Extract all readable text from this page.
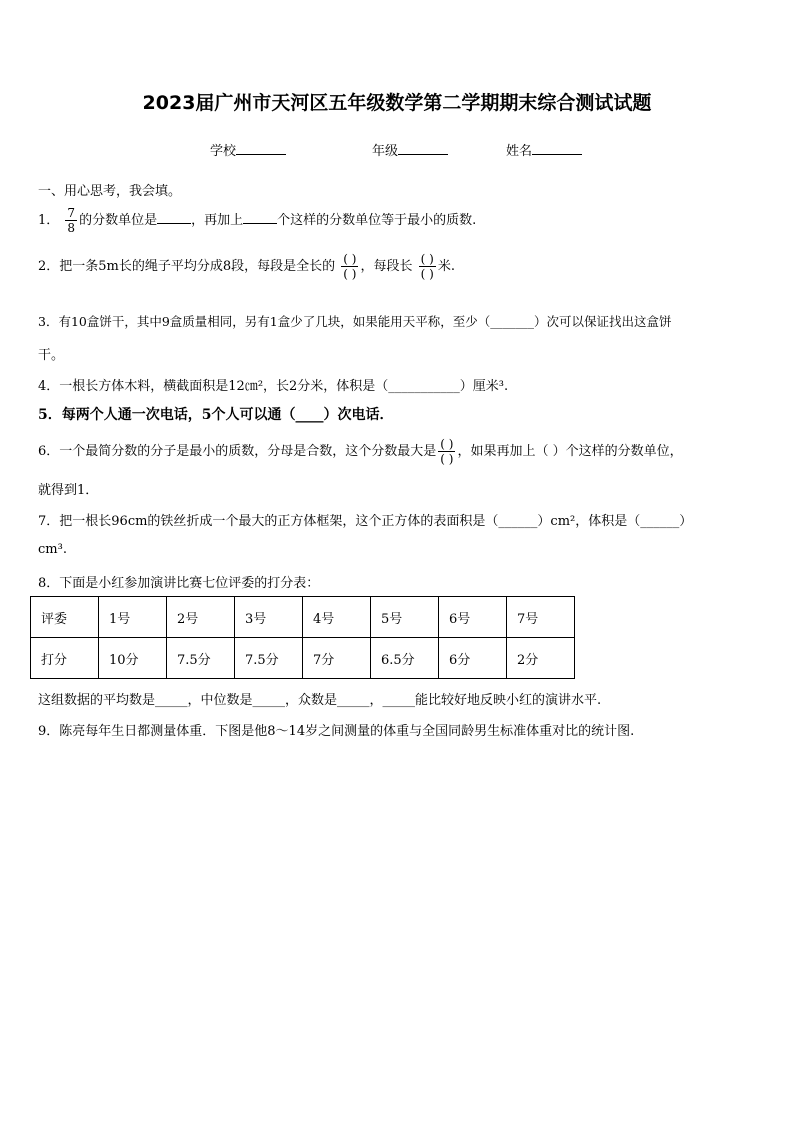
2023届广州市天河区五年级数学第二学期期末综合测试试题
学校	年级	姓名
一、用心思考，我会填。
1． $\frac{7}{8}$ 的分数单位是	，再加上	个这样的分数单位等于最小的质数.
2．把一条5m长的绳子平均分成8段，每段是全长的 $\frac{( )}{( )}$ ，每段长 $\frac{( )}{( )}$ 米.
3．有10盒饼干，其中9盒质量相同，另有1盒少了几块，如果能用天平称，至少（_______）次可以保证找出这盒饼
干。
4．一根长方体木料，横截面积是12㎝²，长2分米，体积是（___________）厘米³.
5．每两个人通一次电话，5个人可以通（____）次电话．
6．一个最简分数的分子是最小的质数，分母是合数，这个分数最大是 $\frac{( )}{( )}$ ，如果再加上（ ）个这样的分数单位，
就得到1．
7．把一根长96cm的铁丝折成一个最大的正方体框架，这个正方体的表面积是（______）cm²，体积是（______）
cm³.
8．下面是小红参加演讲比赛七位评委的打分表：
评委	1号	2号	3号	4号	5号	6号	7号
打分	10分	7.5分	7.5分	7分	6.5分	6分	2分
这组数据的平均数是_____，中位数是_____，众数是_____，_____能比较好地反映小红的演讲水平.
9．陈亮每年生日都测量体重．下图是他8～14岁之间测量的体重与全国同龄男生标准体重对比的统计图.
